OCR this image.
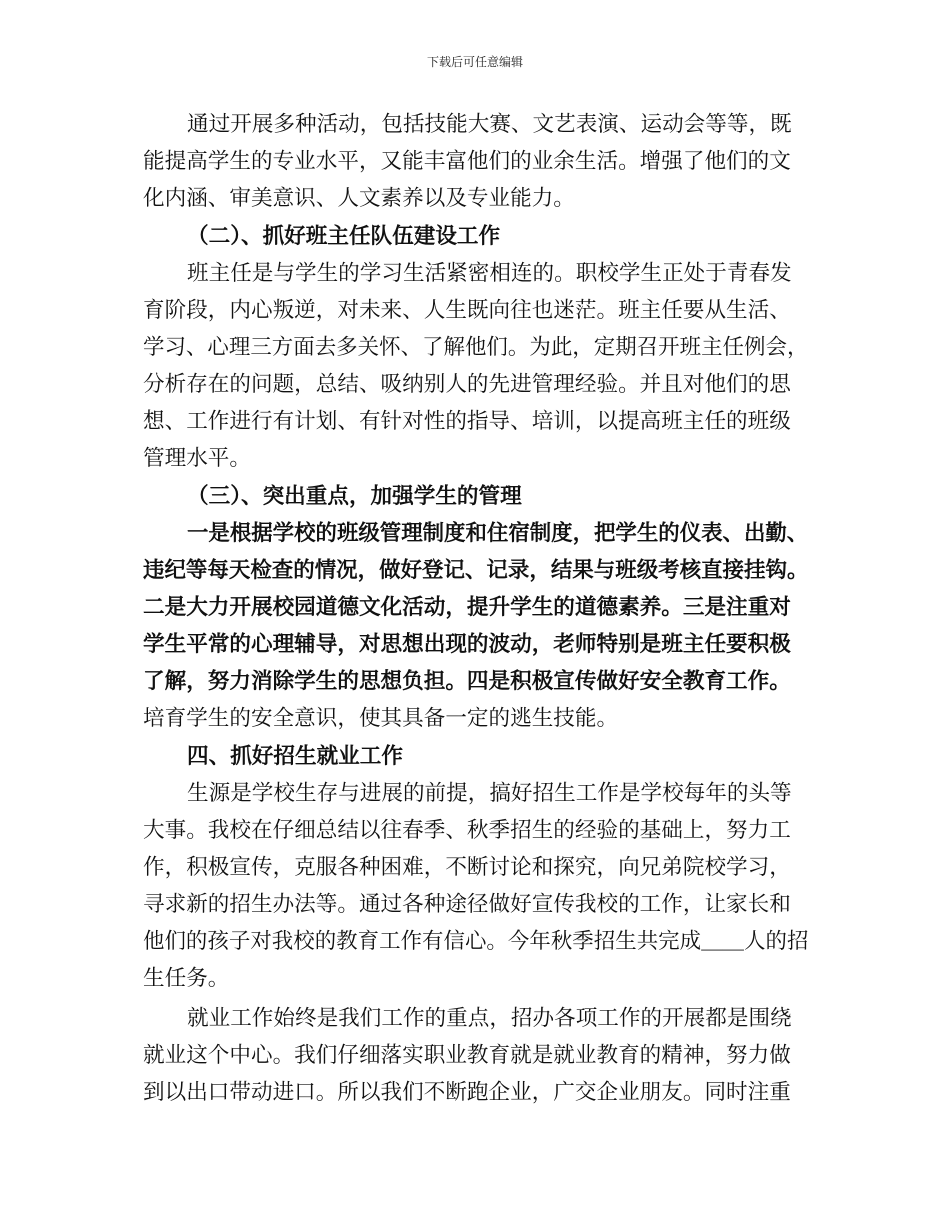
下载后可任意编辑
通过开展多种活动，包括技能大赛、文艺表演、运动会等等，既
能提高学生的专业水平，又能丰富他们的业余生活。增强了他们的文
化内涵、审美意识、人文素养以及专业能力。
（二）、抓好班主任队伍建设工作
班主任是与学生的学习生活紧密相连的。职校学生正处于青春发
育阶段，内心叛逆，对未来、人生既向往也迷茫。班主任要从生活、
学习、心理三方面去多关怀、了解他们。为此，定期召开班主任例会，
分析存在的问题，总结、吸纳别人的先进管理经验。并且对他们的思
想、工作进行有计划、有针对性的指导、培训，以提高班主任的班级
管理水平。
（三）、突出重点，加强学生的管理
一是根据学校的班级管理制度和住宿制度，把学生的仪表、出勤、
违纪等每天检查的情况，做好登记、记录，结果与班级考核直接挂钩。
二是大力开展校园道德文化活动，提升学生的道德素养。三是注重对
学生平常的心理辅导，对思想出现的波动，老师特别是班主任要积极
了解，努力消除学生的思想负担。四是积极宣传做好安全教育工作。
培育学生的安全意识，使其具备一定的逃生技能。
四、抓好招生就业工作
生源是学校生存与进展的前提，搞好招生工作是学校每年的头等
大事。我校在仔细总结以往春季、秋季招生的经验的基础上，努力工
作，积极宣传，克服各种困难，不断讨论和探究，向兄弟院校学习，
寻求新的招生办法等。通过各种途径做好宣传我校的工作，让家长和
他们的孩子对我校的教育工作有信心。今年秋季招生共完成＿＿人的招
生任务。
就业工作始终是我们工作的重点，招办各项工作的开展都是围绕
就业这个中心。我们仔细落实职业教育就是就业教育的精神，努力做
到以出口带动进口。所以我们不断跑企业，广交企业朋友。同时注重
